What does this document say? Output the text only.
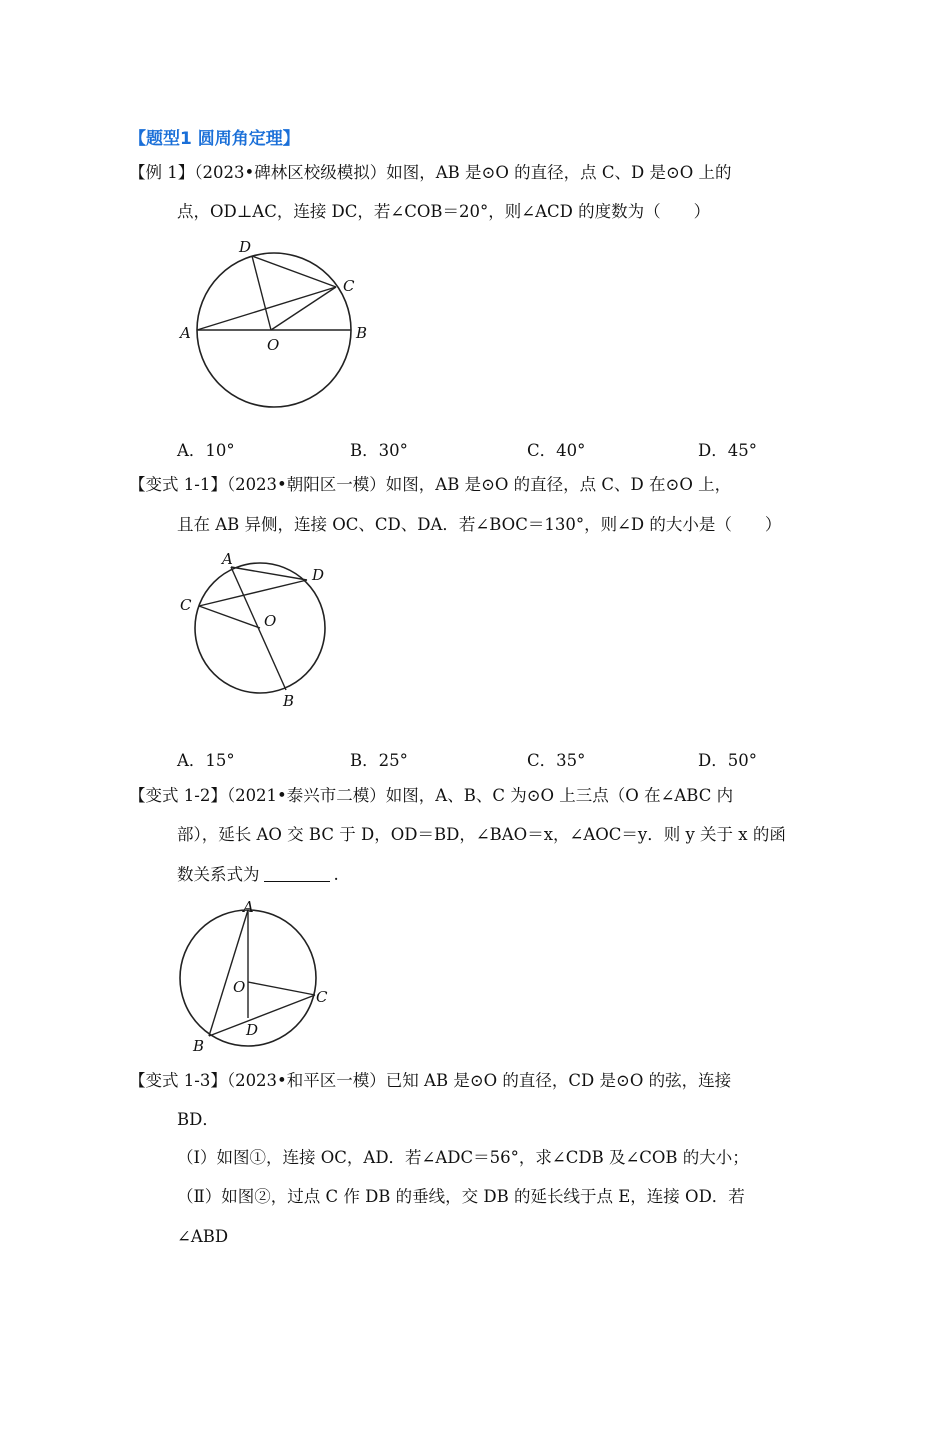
【题型1 圆周角定理】
【例 1】（2023•碑林区校级模拟）如图，AB 是⊙O 的直径，点 C、D 是⊙O 上的
点，OD⊥AC，连接 DC，若∠COB＝20°，则∠ACD 的度数为（　　）
A	B
C
D
O
A．10°	B．30°	C．40°	D．45°
【变式 1-1】（2023•朝阳区一模）如图，AB 是⊙O 的直径，点 C、D 在⊙O 上，
且在 AB 异侧，连接 OC、CD、DA．若∠BOC＝130°，则∠D 的大小是（　　）
A
B
C
D
O
A．15°	B．25°	C．35°	D．50°
【变式 1-2】（2021•泰兴市二模）如图，A、B、C 为⊙O 上三点（O 在∠ABC 内
部），延长 AO 交 BC 于 D，OD＝BD，∠BAO＝x，∠AOC＝y．则 y 关于 x 的函
数关系式为	.
A
B
C
D
O
【变式 1-3】（2023•和平区一模）已知 AB 是⊙O 的直径，CD 是⊙O 的弦，连接
BD．
（Ⅰ）如图①，连接 OC，AD．若∠ADC＝56°，求∠CDB 及∠COB 的大小；
（Ⅱ）如图②，过点 C 作 DB 的垂线，交 DB 的延长线于点 E，连接 OD．若
∠ABD
